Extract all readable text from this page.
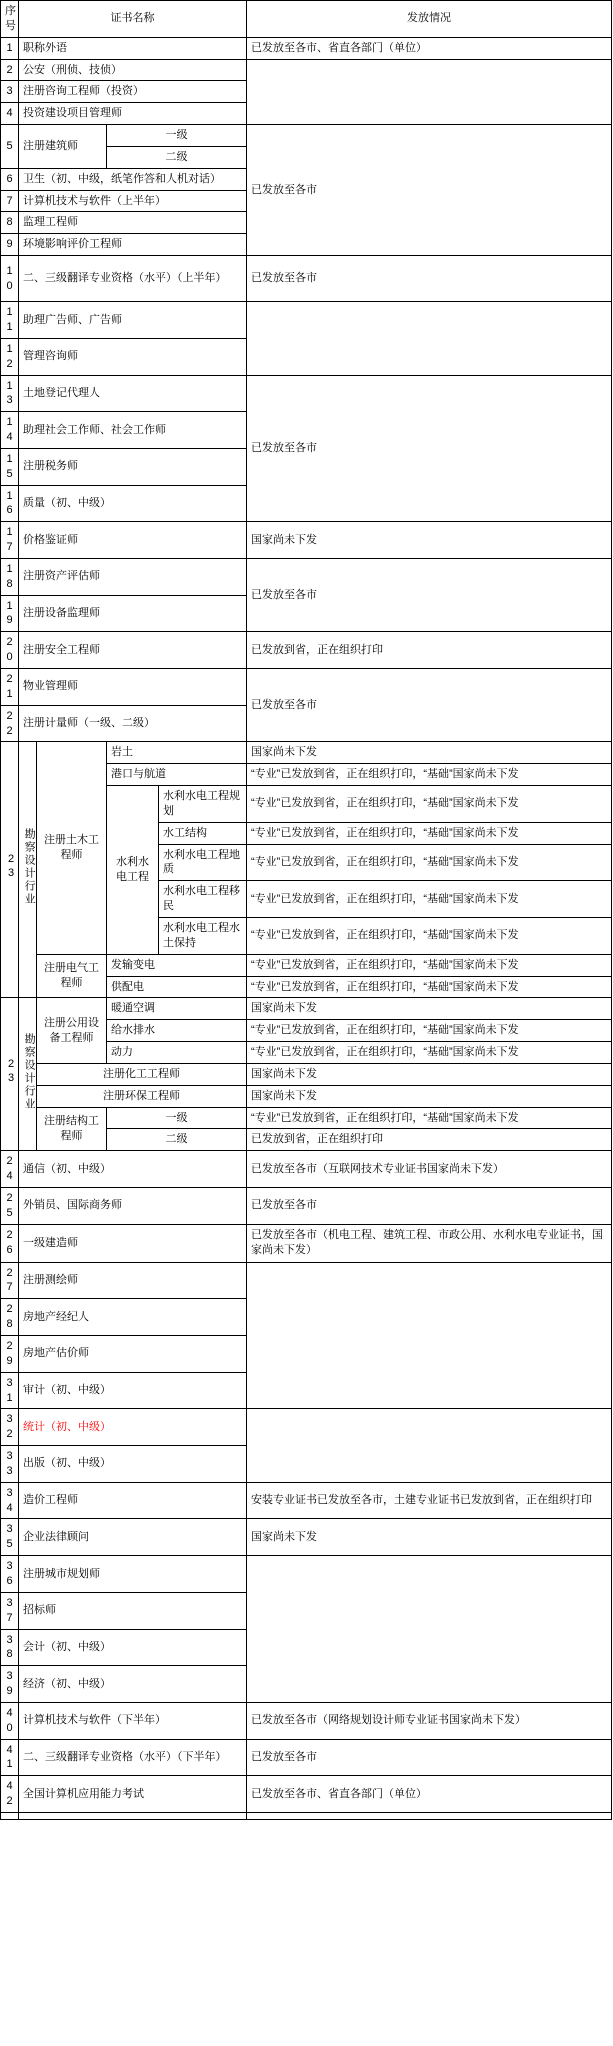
序号	证书名称				发放情况
1	职称外语				已发放至各市、省直各部门（单位）
2	公安（刑侦、技侦）				
3	注册咨询工程师（投资）				
4	投资建设项目管理师				
5	注册建筑师		一级		已发放至各市
			二级		
6	卫生（初、中级，纸笔作答和人机对话）				
7	计算机技术与软件（上半年）				
8	监理工程师				
9	环境影响评价工程师				
10	二、三级翻译专业资格（水平）（上半年）				已发放至各市
11	助理广告师、广告师				
12	管理咨询师				
13	土地登记代理人				已发放至各市
14	助理社会工作师、社会工作师				
15	注册税务师				
16	质量（初、中级）				
17	价格鉴证师				国家尚未下发
18	注册资产评估师				已发放至各市
19	注册设备监理师				
20	注册安全工程师				已发放到省，正在组织打印
21	物业管理师				已发放至各市
22	注册计量师（一级、二级）				
23	勘察设计行业	注册土木工程师	岩土		国家尚未下发
			港口与航道		“专业”已发放到省，正在组织打印，“基础”国家尚未下发
			水利水电工程	水利水电工程规划	“专业”已发放到省，正在组织打印，“基础”国家尚未下发
				水工结构	“专业”已发放到省，正在组织打印，“基础”国家尚未下发
				水利水电工程地质	“专业”已发放到省，正在组织打印，“基础”国家尚未下发
				水利水电工程移民	“专业”已发放到省，正在组织打印，“基础”国家尚未下发
				水利水电工程水土保持	“专业”已发放到省，正在组织打印，“基础”国家尚未下发
		注册电气工程师	发输变电		“专业”已发放到省，正在组织打印，“基础”国家尚未下发
			供配电		“专业”已发放到省，正在组织打印，“基础”国家尚未下发
23	勘察设计行业	注册公用设备工程师	暖通空调		国家尚未下发
			给水排水		“专业”已发放到省，正在组织打印，“基础”国家尚未下发
			动力		“专业”已发放到省，正在组织打印，“基础”国家尚未下发
		注册化工工程师			国家尚未下发
		注册环保工程师			国家尚未下发
		注册结构工程师	一级		“专业”已发放到省，正在组织打印，“基础”国家尚未下发
			二级		已发放到省，正在组织打印
24	通信（初、中级）				已发放至各市（互联网技术专业证书国家尚未下发）
25	外销员、国际商务师				已发放至各市
26	一级建造师				已发放至各市（机电工程、建筑工程、市政公用、水利水电专业证书，国家尚未下发）
27	注册测绘师				
28	房地产经纪人				
29	房地产估价师				
31	审计（初、中级）				
32	统计（初、中级）				
33	出版（初、中级）				
34	造价工程师				安装专业证书已发放至各市，土建专业证书已发放到省，正在组织打印
35	企业法律顾问				国家尚未下发
36	注册城市规划师				
37	招标师				
38	会计（初、中级）				
39	经济（初、中级）				
40	计算机技术与软件（下半年）				已发放至各市（网络规划设计师专业证书国家尚未下发）
41	二、三级翻译专业资格（水平）（下半年）				已发放至各市
42	全国计算机应用能力考试				已发放至各市、省直各部门（单位）
